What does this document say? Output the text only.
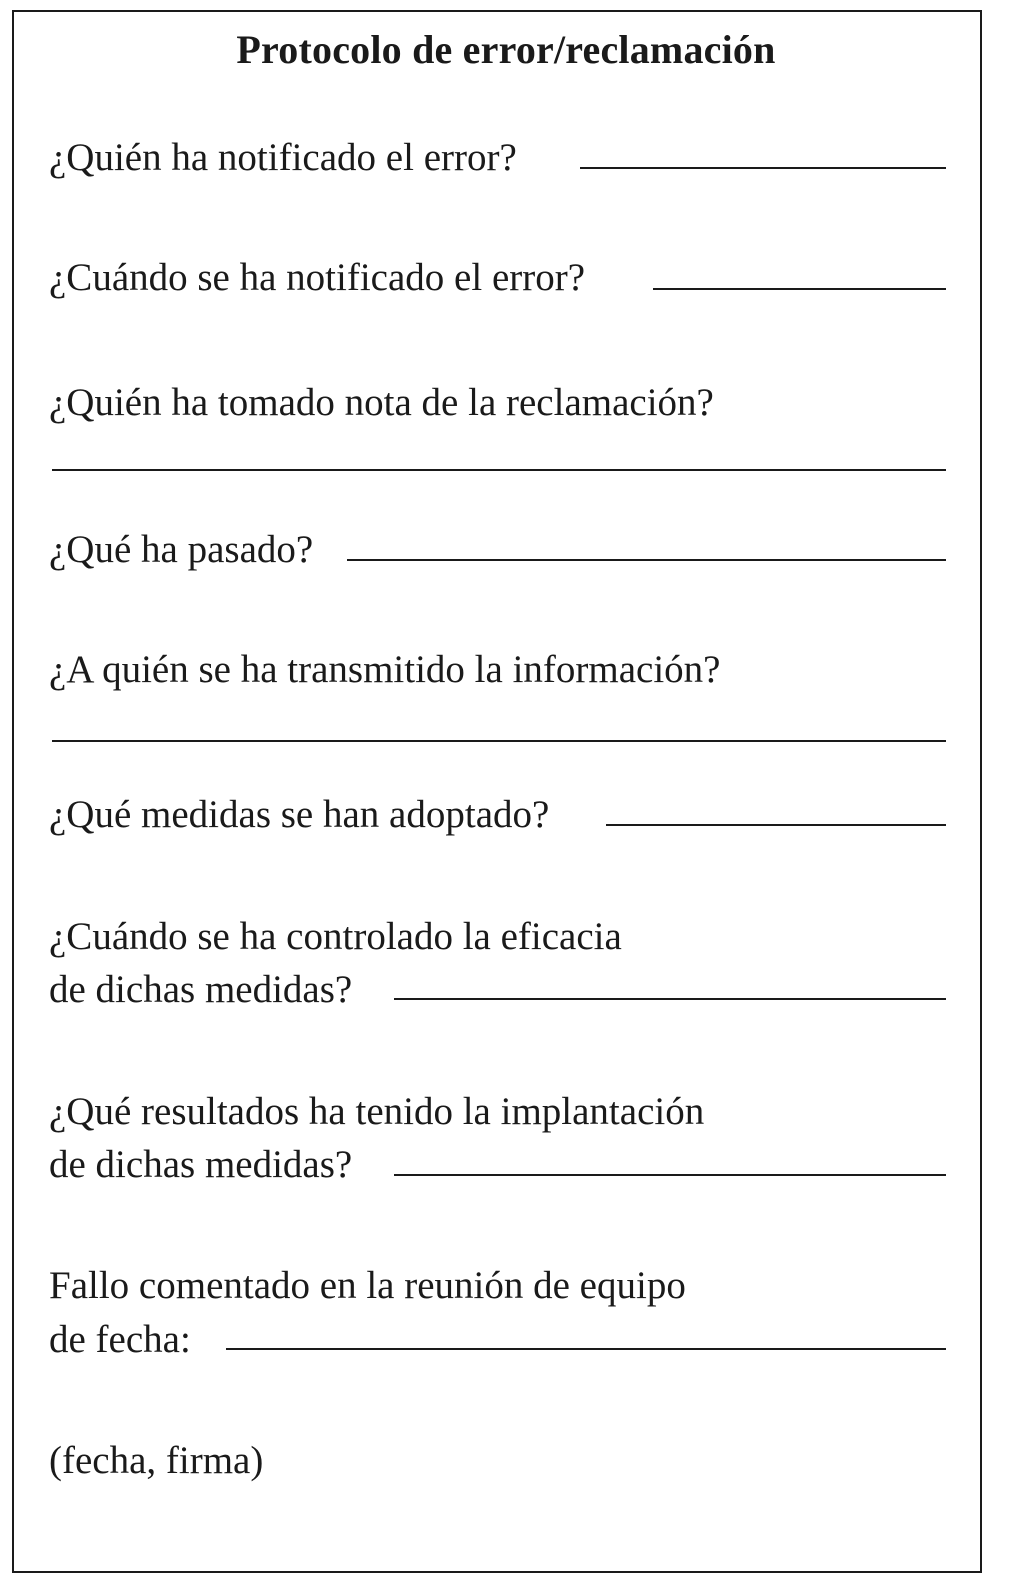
Protocolo de error/reclamación
¿Quién ha notificado el error?
¿Cuándo se ha notificado el error?
¿Quién ha tomado nota de la reclamación?
¿Qué ha pasado?
¿A quién se ha transmitido la información?
¿Qué medidas se han adoptado?
¿Cuándo se ha controlado la eficacia
de dichas medidas?
¿Qué resultados ha tenido la implantación
de dichas medidas?
Fallo comentado en la reunión de equipo
de fecha:
(fecha, firma)
